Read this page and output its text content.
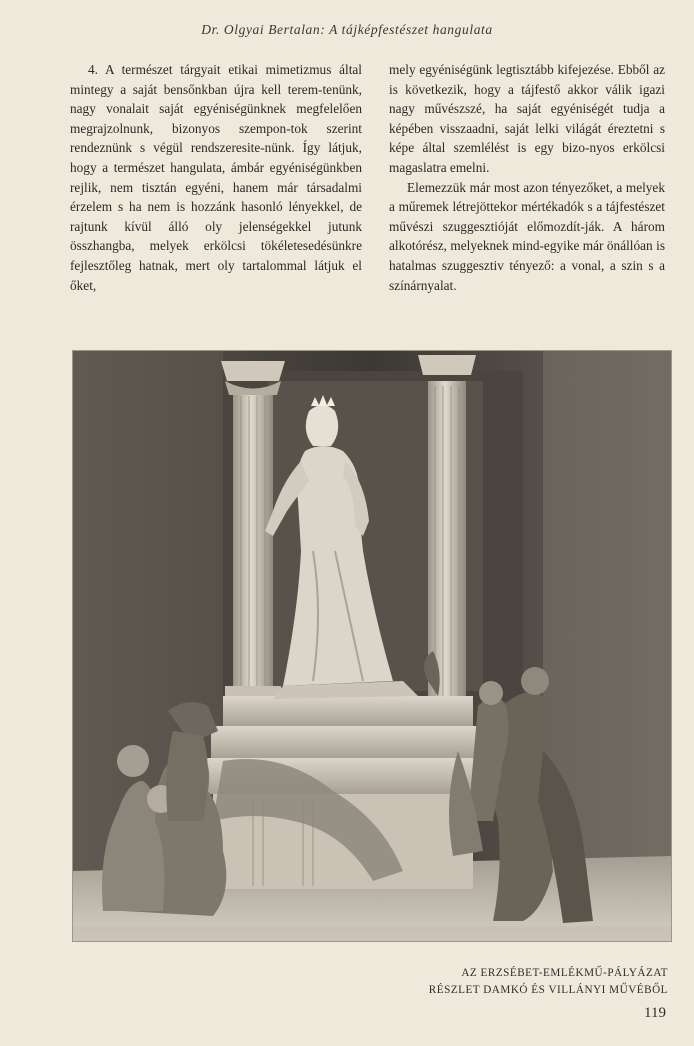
Dr. Olgyai Bertalan: A tájképfestészet hangulata

4. A természet tárgyait etikai mimetizmus által mintegy a saját bensőnkban újra kell terem-tenünk, nagy vonalait saját egyéniségünknek megfelelően megrajzolnunk, bizonyos szempon-tok szerint rendeznünk s végül rendszeresite-nünk. Így látjuk, hogy a természet hangulata, ámbár egyéniségünkben rejlik, nem tisztán egyéni, hanem már társadalmi érzelem s ha nem is hozzánk hasonló lényekkel, de rajtunk kívül álló oly jelenségekkel jutunk összhangba, melyek erkölcsi tökéletesedésünkre fejlesztőleg hatnak, mert oly tartalommal látjuk el őket,

mely egyéniségünk legtisztább kifejezése. Ebből az is következik, hogy a tájfestő akkor válik igazi nagy művészszé, ha saját egyéniségét tudja a képében visszaadni, saját lelki világát éreztetni s képe által szemlélést is egy bizo-nyos erkölcsi magaslatra emelni.

Elemezzük már most azon tényezőket, a melyek a műremek létrejöttekor mértékadók s a tájfestészet művészi szuggesztióját előmozdít-ják. A három alkotórész, melyeknek mind-egyike már önállóan is hatalmas szuggesztiv tényező: a vonal, a szin s a színárnyalat.

AZ ERZSÉBET-EMLÉKMŰ-PÁLYÁZAT
RÉSZLET DAMKÓ ÉS VILLÁNYI MŰVÉBŐL
119
